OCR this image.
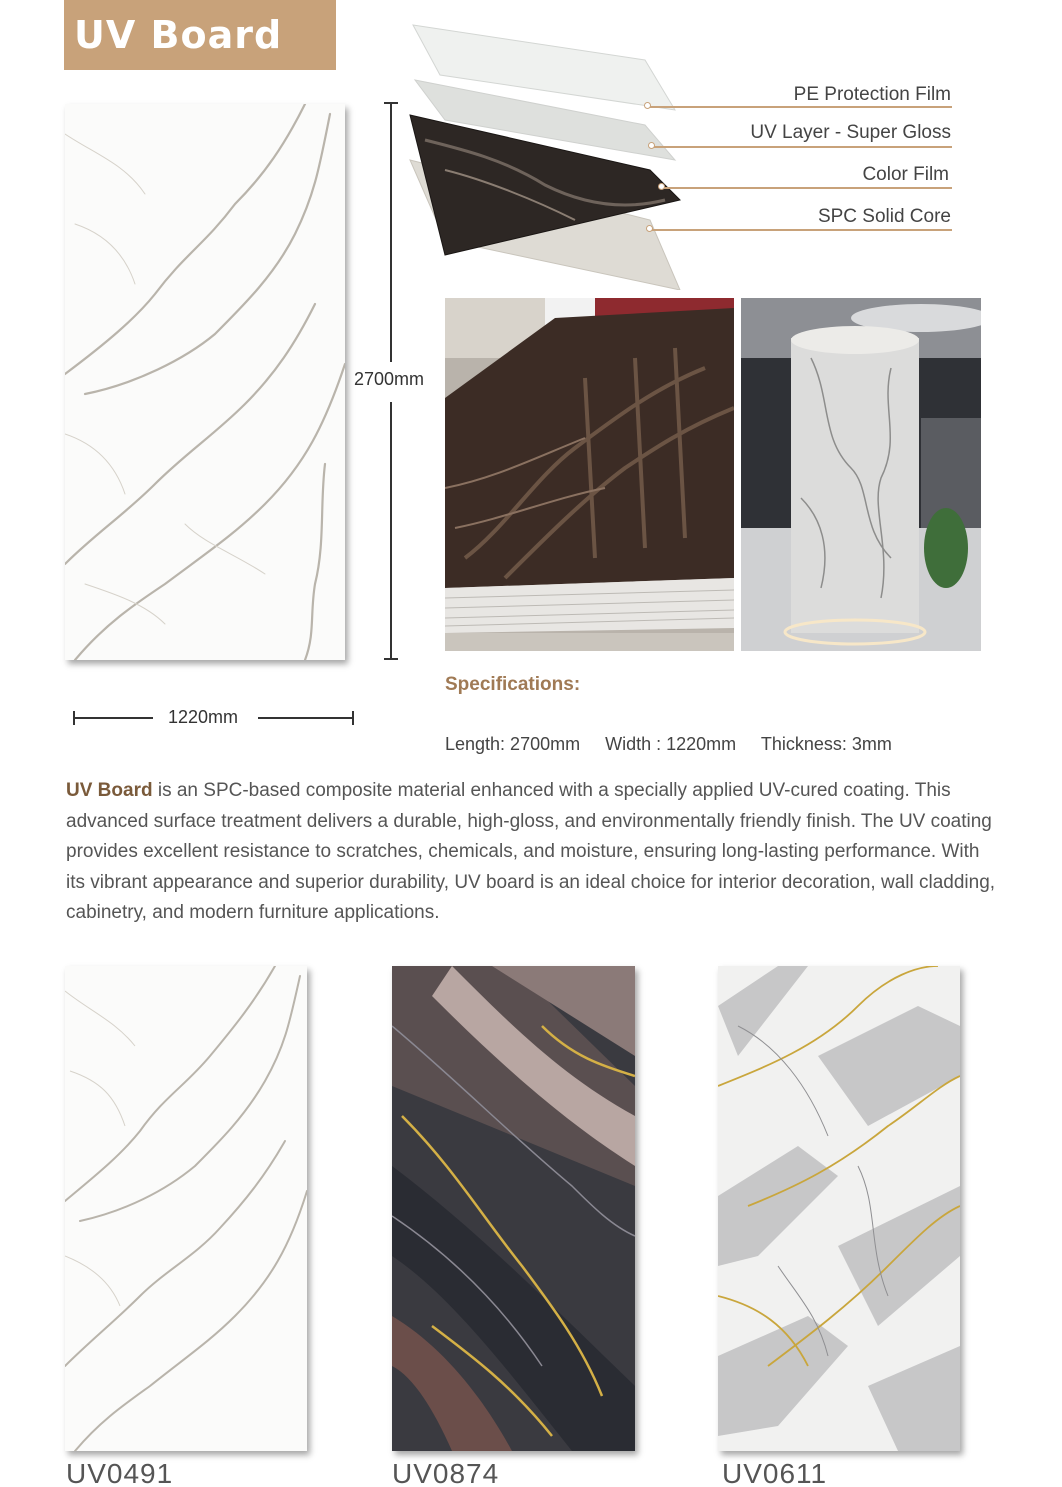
UV Board
2700mm
1220mm
PE Protection Film
UV Layer - Super Gloss
Color Film
SPC Solid Core
Specifications:
Length: 2700mm Width : 1220mm Thickness: 3mm
UV Board is an SPC-based composite material enhanced with a specially applied UV-cured coating. This advanced surface treatment delivers a durable, high-gloss, and environmentally friendly finish. The UV coating provides excellent resistance to scratches, chemicals, and moisture, ensuring long-lasting performance. With its vibrant appearance and superior durability, UV board is an ideal choice for interior decoration, wall cladding, cabinetry, and modern furniture applications.
UV0491	UV0874	UV0611
